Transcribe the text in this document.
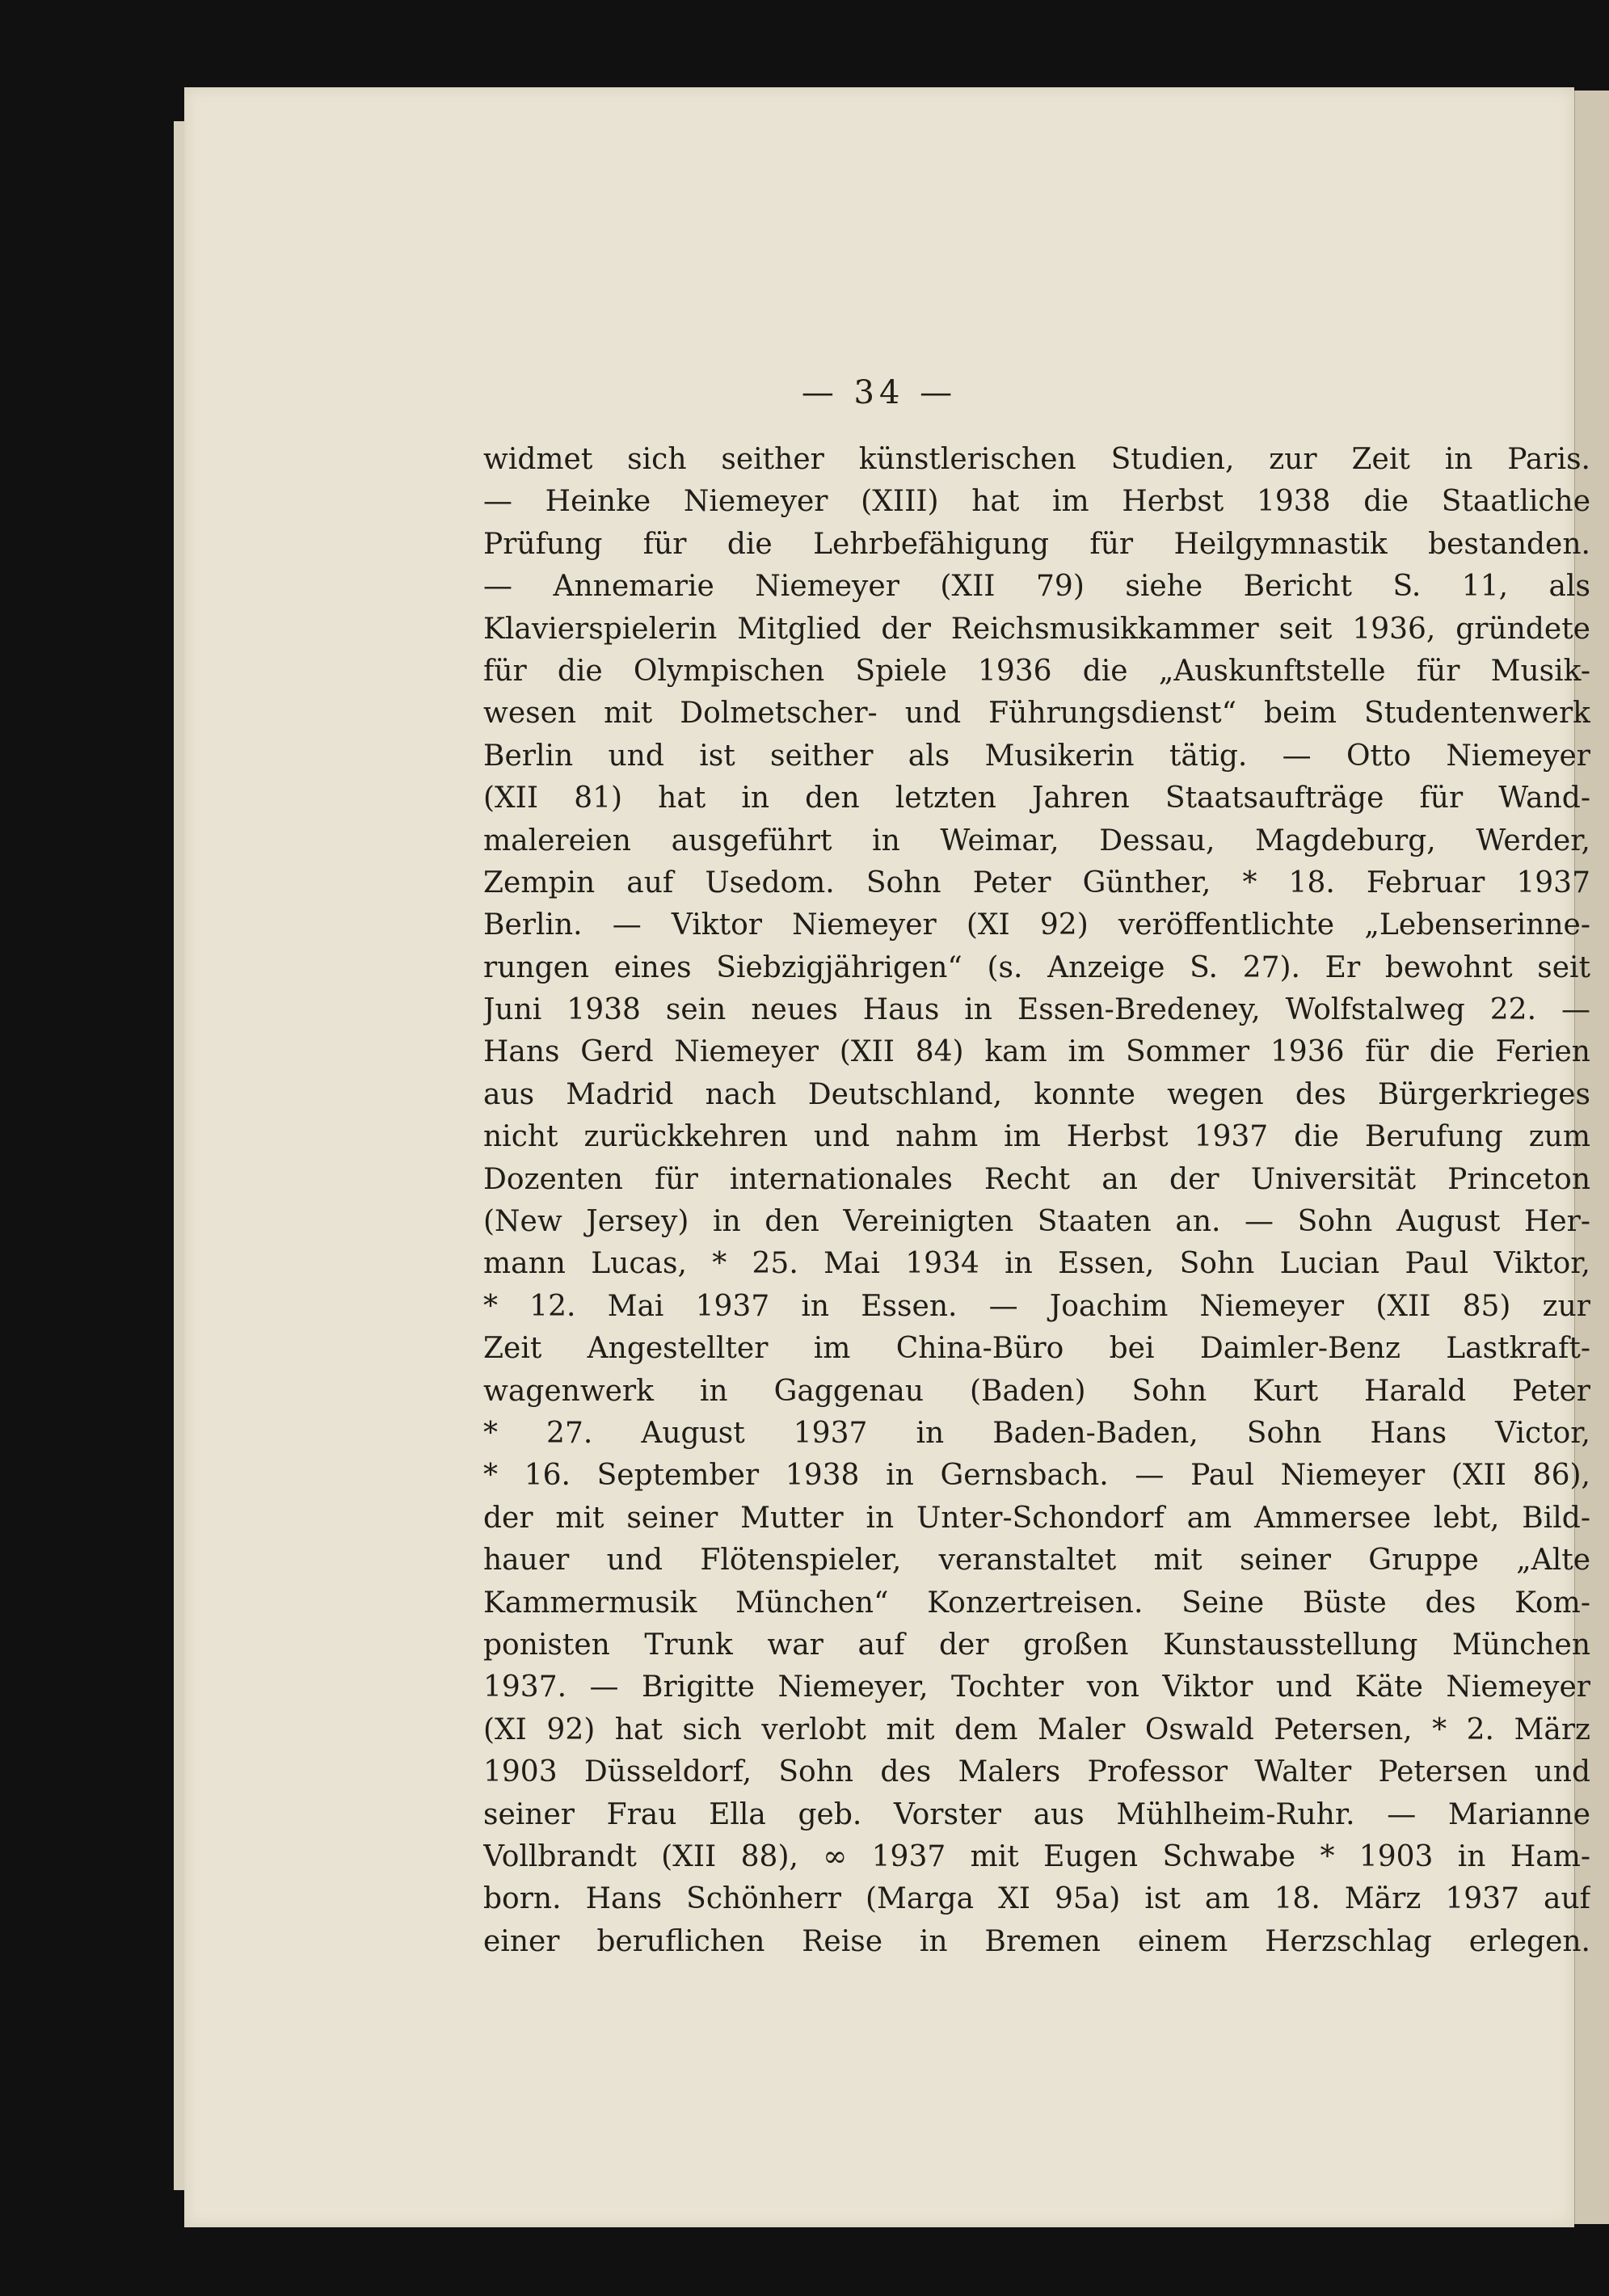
— 34 —
widmet sich seither künstlerischen Studien, zur Zeit in Paris.
— Heinke Niemeyer (XIII) hat im Herbst 1938 die Staatliche
Prüfung für die Lehrbefähigung für Heilgymnastik bestanden.
— Annemarie Niemeyer (XII 79) siehe Bericht S. 11, als
Klavierspielerin Mitglied der Reichsmusikkammer seit 1936, gründete
für die Olympischen Spiele 1936 die „Auskunftstelle für Musik-
wesen mit Dolmetscher- und Führungsdienst“ beim Studentenwerk
Berlin und ist seither als Musikerin tätig. — Otto Niemeyer
(XII 81) hat in den letzten Jahren Staatsaufträge für Wand-
malereien ausgeführt in Weimar, Dessau, Magdeburg, Werder,
Zempin auf Usedom. Sohn Peter Günther, * 18. Februar 1937
Berlin. — Viktor Niemeyer (XI 92) veröffentlichte „Lebenserinne-
rungen eines Siebzigjährigen“ (s. Anzeige S. 27). Er bewohnt seit
Juni 1938 sein neues Haus in Essen-Bredeney, Wolfstalweg 22. —
Hans Gerd Niemeyer (XII 84) kam im Sommer 1936 für die Ferien
aus Madrid nach Deutschland, konnte wegen des Bürgerkrieges
nicht zurückkehren und nahm im Herbst 1937 die Berufung zum
Dozenten für internationales Recht an der Universität Princeton
(New Jersey) in den Vereinigten Staaten an. — Sohn August Her-
mann Lucas, * 25. Mai 1934 in Essen, Sohn Lucian Paul Viktor,
* 12. Mai 1937 in Essen. — Joachim Niemeyer (XII 85) zur
Zeit Angestellter im China-Büro bei Daimler-Benz Lastkraft-
wagenwerk in Gaggenau (Baden) Sohn Kurt Harald Peter
* 27. August 1937 in Baden-Baden, Sohn Hans Victor,
* 16. September 1938 in Gernsbach. — Paul Niemeyer (XII 86),
der mit seiner Mutter in Unter-Schondorf am Ammersee lebt, Bild-
hauer und Flötenspieler, veranstaltet mit seiner Gruppe „Alte
Kammermusik München“ Konzertreisen. Seine Büste des Kom-
ponisten Trunk war auf der großen Kunstausstellung München
1937. — Brigitte Niemeyer, Tochter von Viktor und Käte Niemeyer
(XI 92) hat sich verlobt mit dem Maler Oswald Petersen, * 2. März
1903 Düsseldorf, Sohn des Malers Professor Walter Petersen und
seiner Frau Ella geb. Vorster aus Mühlheim-Ruhr. — Marianne
Vollbrandt (XII 88), ∞ 1937 mit Eugen Schwabe * 1903 in Ham-
born. Hans Schönherr (Marga XI 95a) ist am 18. März 1937 auf
einer beruflichen Reise in Bremen einem Herzschlag erlegen.
